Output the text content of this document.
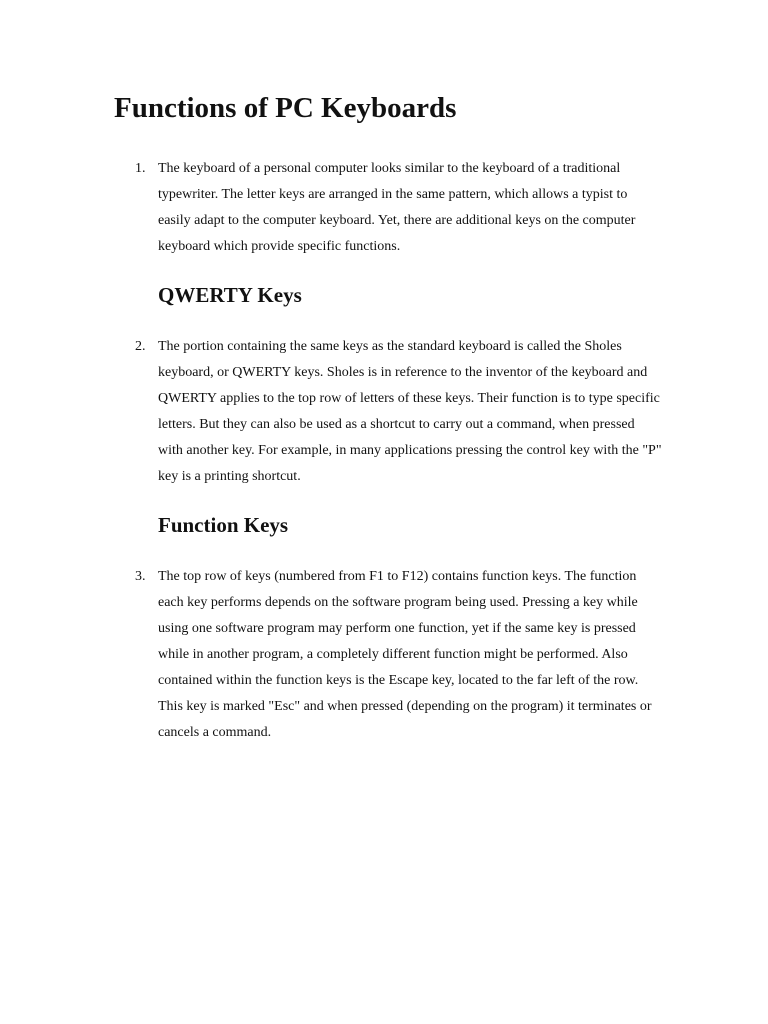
Functions of PC Keyboards
1. The keyboard of a personal computer looks similar to the keyboard of a traditional typewriter. The letter keys are arranged in the same pattern, which allows a typist to easily adapt to the computer keyboard. Yet, there are additional keys on the computer keyboard which provide specific functions.

QWERTY Keys
2. The portion containing the same keys as the standard keyboard is called the Sholes keyboard, or QWERTY keys. Sholes is in reference to the inventor of the keyboard and QWERTY applies to the top row of letters of these keys. Their function is to type specific letters. But they can also be used as a shortcut to carry out a command, when pressed with another key. For example, in many applications pressing the control key with the "P" key is a printing shortcut.

Function Keys
3. The top row of keys (numbered from F1 to F12) contains function keys. The function each key performs depends on the software program being used. Pressing a key while using one software program may perform one function, yet if the same key is pressed while in another program, a completely different function might be performed. Also contained within the function keys is the Escape key, located to the far left of the row. This key is marked "Esc" and when pressed (depending on the program) it terminates or cancels a command.
